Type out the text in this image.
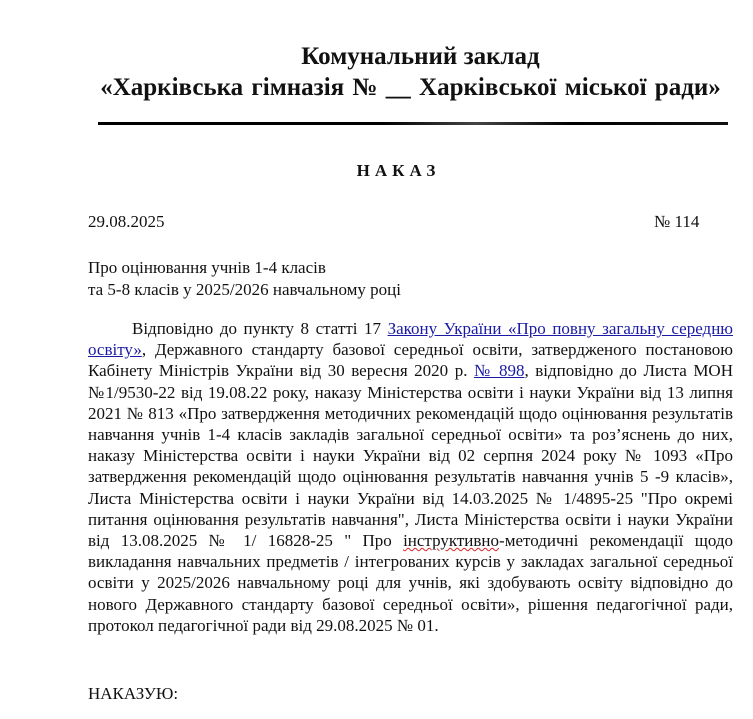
Комунальний заклад
«Харківська гімназія № __ Харківської міської ради»
НАКАЗ
29.08.2025	№ 114
Про оцінювання учнів 1-4 класів
та 5-8 класів у 2025/2026 навчальному році
Відповідно до пункту 8 статті 17 Закону України «Про повну загальну середню освіту», Державного стандарту базової середньої освіти, затвердженого постановою Кабінету Міністрів України від 30 вересня 2020 р. № 898, відповідно до Листа МОН №1/9530-22 від 19.08.22 року, наказу Міністерства освіти і науки України від 13 липня 2021 № 813 «Про затвердження методичних рекомендацій щодо оцінювання результатів навчання учнів 1-4 класів закладів загальної середньої освіти» та роз’яснень до них, наказу Міністерства освіти і науки України від 02 серпня 2024 року № 1093 «Про затвердження рекомендацій щодо оцінювання результатів навчання учнів 5 -9 класів», Листа Міністерства освіти і науки України від 14.03.2025 № 1/4895-25 "Про окремі питання оцінювання результатів навчання", Листа Міністерства освіти і науки України від 13.08.2025 № 1/ 16828-25 " Про інструктивно-методичні рекомендації щодо викладання навчальних предметів / інтегрованих курсів у закладах загальної середньої освіти у 2025/2026 навчальному році для учнів, які здобувають освіту відповідно до нового Державного стандарту базової середньої освіти», рішення педагогічної ради, протокол педагогічної ради від 29.08.2025 № 01.
НАКАЗУЮ:
